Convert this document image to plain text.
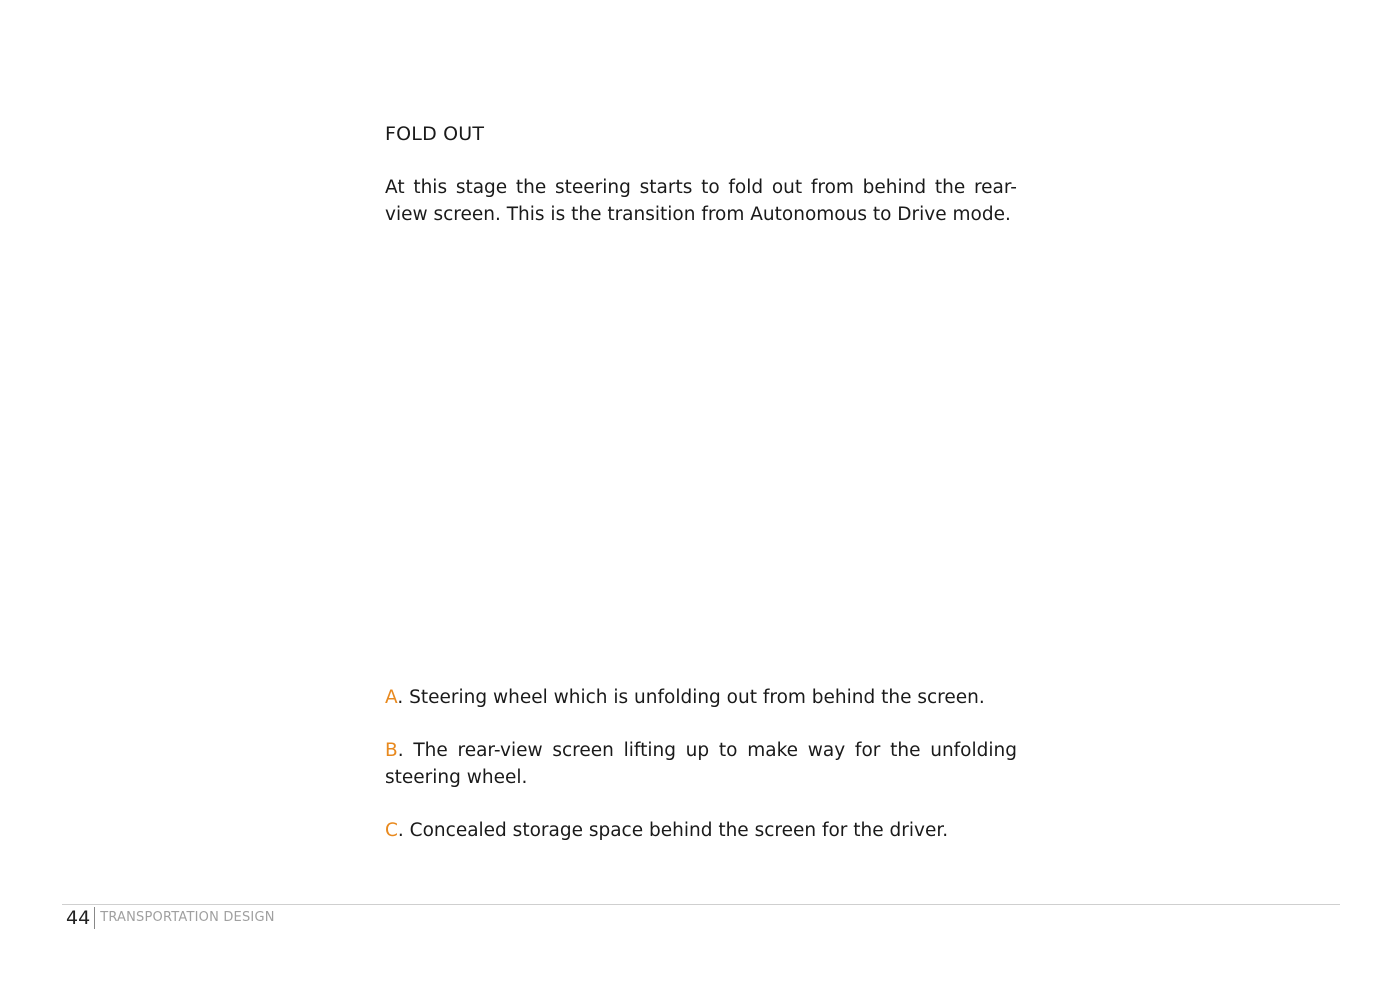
FOLD OUT

At this stage the steering starts to fold out from behind the rear-view screen. This is the transition from Autonomous to Drive mode.

A. Steering wheel which is unfolding out from behind the screen.
B. The rear-view screen lifting up to make way for the unfolding steering wheel.
C. Concealed storage space behind the screen for the driver.
44 TRANSPORTATION DESIGN
